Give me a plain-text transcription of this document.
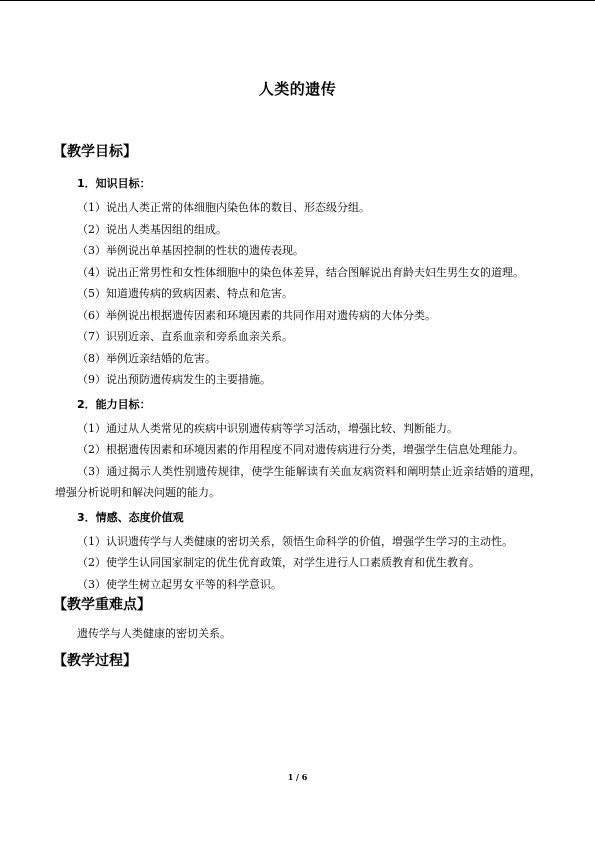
人类的遗传
【教学目标】
1．知识目标：
（1）说出人类正常的体细胞内染色体的数目、形态级分组。
（2）说出人类基因组的组成。
（3）举例说出单基因控制的性状的遗传表现。
（4）说出正常男性和女性体细胞中的染色体差异，结合图解说出育龄夫妇生男生女的道理。
（5）知道遗传病的致病因素、特点和危害。
（6）举例说出根据遗传因素和环境因素的共同作用对遗传病的大体分类。
（7）识别近亲、直系血亲和旁系血亲关系。
（8）举例近亲结婚的危害。
（9）说出预防遗传病发生的主要措施。
2．能力目标：
（1）通过从人类常见的疾病中识别遗传病等学习活动，增强比较、判断能力。
（2）根据遗传因素和环境因素的作用程度不同对遗传病进行分类，增强学生信息处理能力。
（3）通过揭示人类性别遗传规律，使学生能解读有关血友病资料和阐明禁止近亲结婚的道理，增强分析说明和解决问题的能力。
3．情感、态度价值观
（1）认识遗传学与人类健康的密切关系，领悟生命科学的价值，增强学生学习的主动性。
（2）使学生认同国家制定的优生优育政策，对学生进行人口素质教育和优生教育。
（3）使学生树立起男女平等的科学意识。
【教学重难点】
遗传学与人类健康的密切关系。
【教学过程】
1 / 6
